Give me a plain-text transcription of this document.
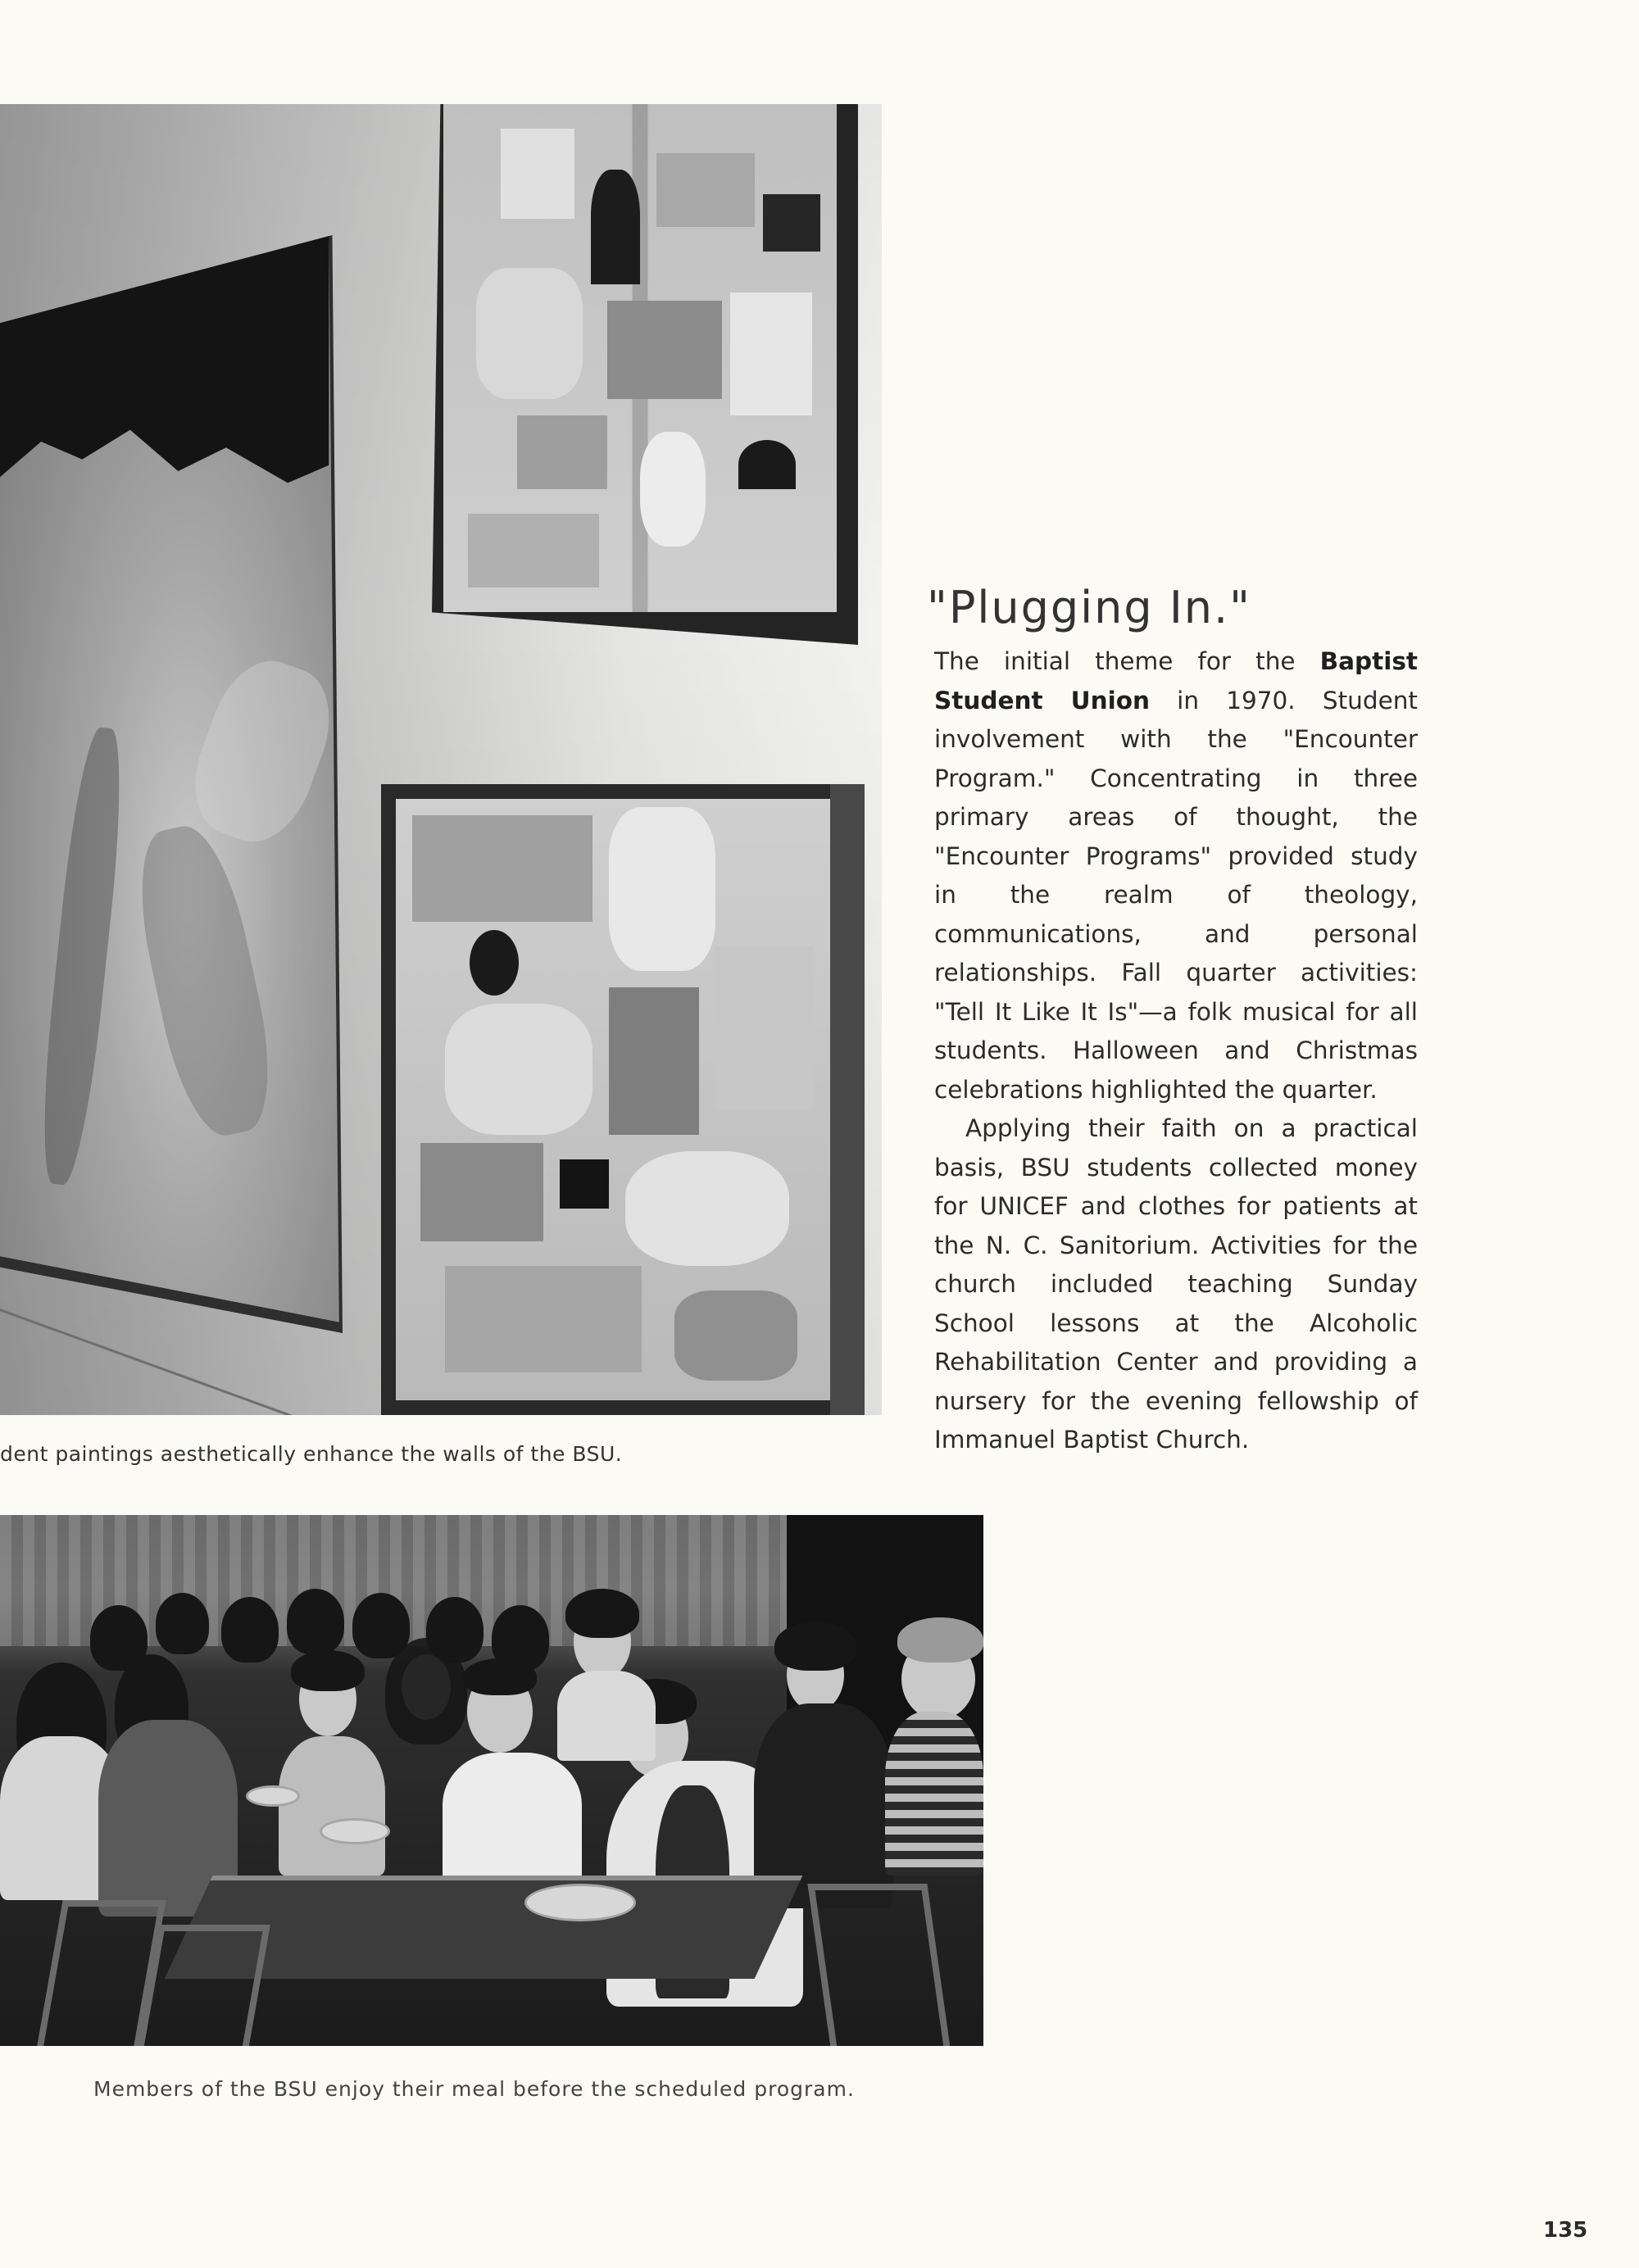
dent paintings aesthetically enhance the walls of the BSU.
"Plugging In."

The initial theme for the Baptist Student Union in 1970. Student involvement with the "Encounter Program." Concentrating in three primary areas of thought, the "Encounter Programs" provided study in the realm of theology, communications, and personal relationships. Fall quarter activities: "Tell It Like It Is"—a folk musical for all students. Halloween and Christmas celebrations highlighted the quarter.

Applying their faith on a practical basis, BSU students collected money for UNICEF and clothes for patients at the N. C. Sanitorium. Activities for the church included teaching Sunday School lessons at the Alcoholic Rehabilitation Center and providing a nursery for the evening fellowship of Immanuel Baptist Church.

Members of the BSU enjoy their meal before the scheduled program.
135
